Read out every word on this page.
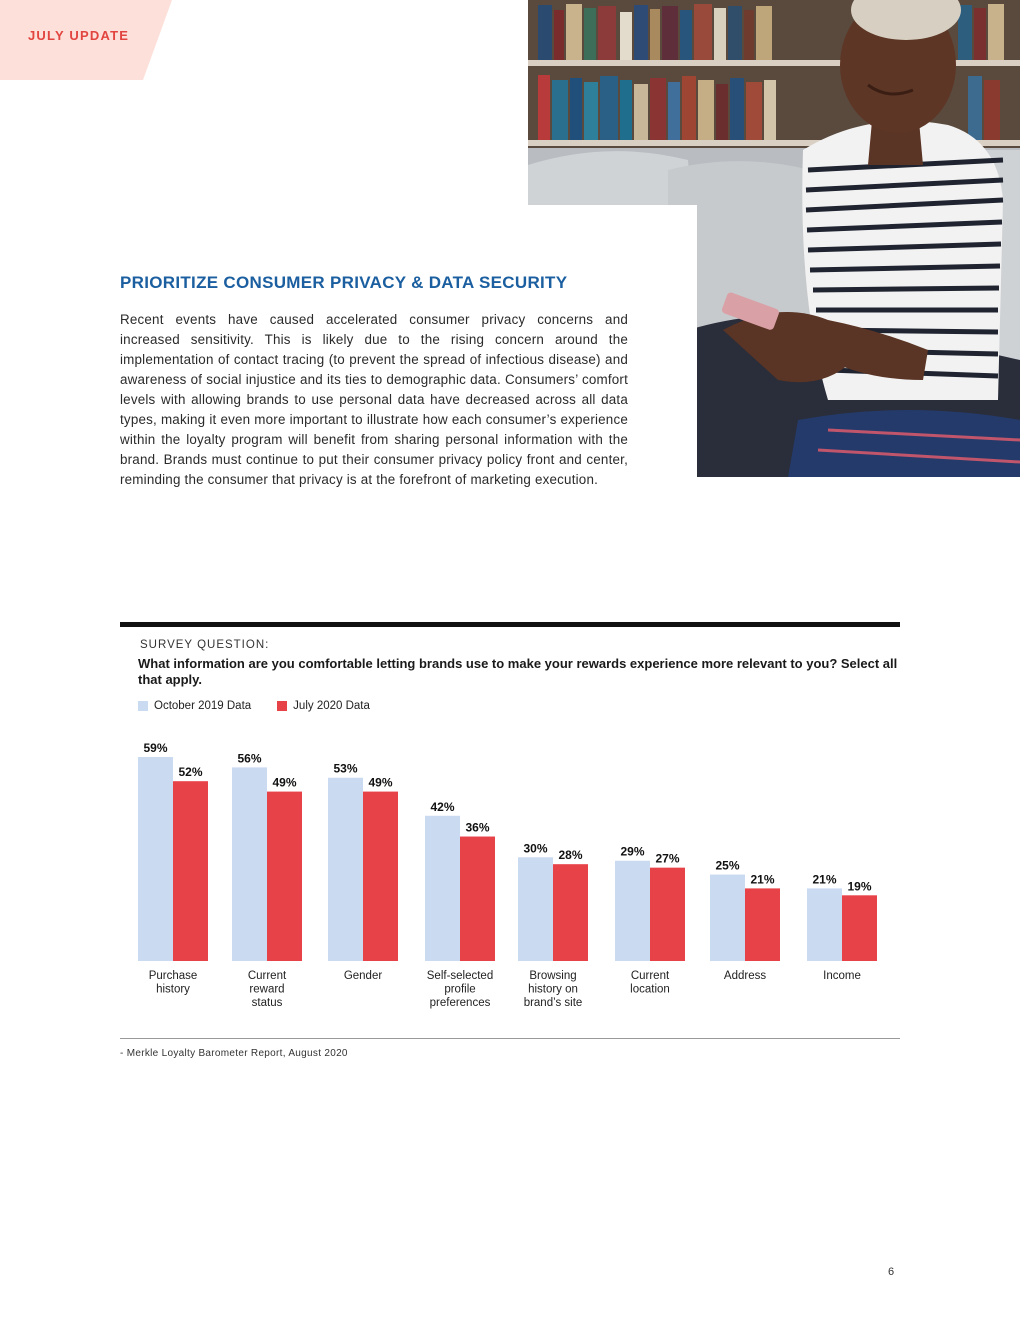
JULY UPDATE
PRIORITIZE CONSUMER PRIVACY & DATA SECURITY
Recent events have caused accelerated consumer privacy concerns and increased sensitivity. This is likely due to the rising concern around the implementation of contact tracing (to prevent the spread of infectious disease) and awareness of social injustice and its ties to demographic data. Consumers’ comfort levels with allowing brands to use personal data have decreased across all data types, making it even more important to illustrate how each consumer’s experience within the loyalty program will benefit from sharing personal information with the brand. Brands must continue to put their consumer privacy policy front and center, reminding the consumer that privacy is at the forefront of marketing execution.
SURVEY QUESTION:
What information are you comfortable letting brands use to make your rewards experience more relevant to you? Select all that apply.
October 2019 Data	July 2020 Data
59%
52%
Purchase history
56%
49%
Current reward status
53%
49%
Gender
42%
36%
Self-selected profile preferences
30% 28%
Browsing history on brand’s site
29% 27%
Current location
25%
21%
Address
21% 19%
Income
- Merkle Loyalty Barometer Report, August 2020
6
